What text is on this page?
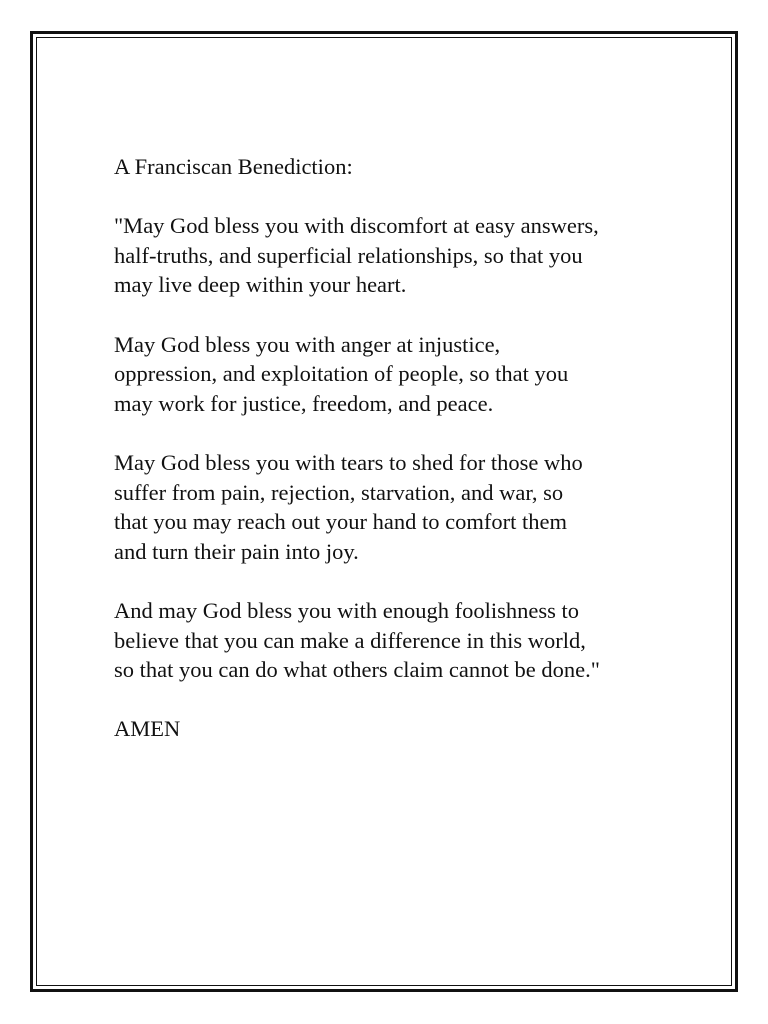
A Franciscan Benediction:

"May God bless you with discomfort at easy answers,
half-truths, and superficial relationships, so that you
may live deep within your heart.

May God bless you with anger at injustice,
oppression, and exploitation of people, so that you
may work for justice, freedom, and peace.

May God bless you with tears to shed for those who
suffer from pain, rejection, starvation, and war, so
that you may reach out your hand to comfort them
and turn their pain into joy.

And may God bless you with enough foolishness to
believe that you can make a difference in this world,
so that you can do what others claim cannot be done."

AMEN
